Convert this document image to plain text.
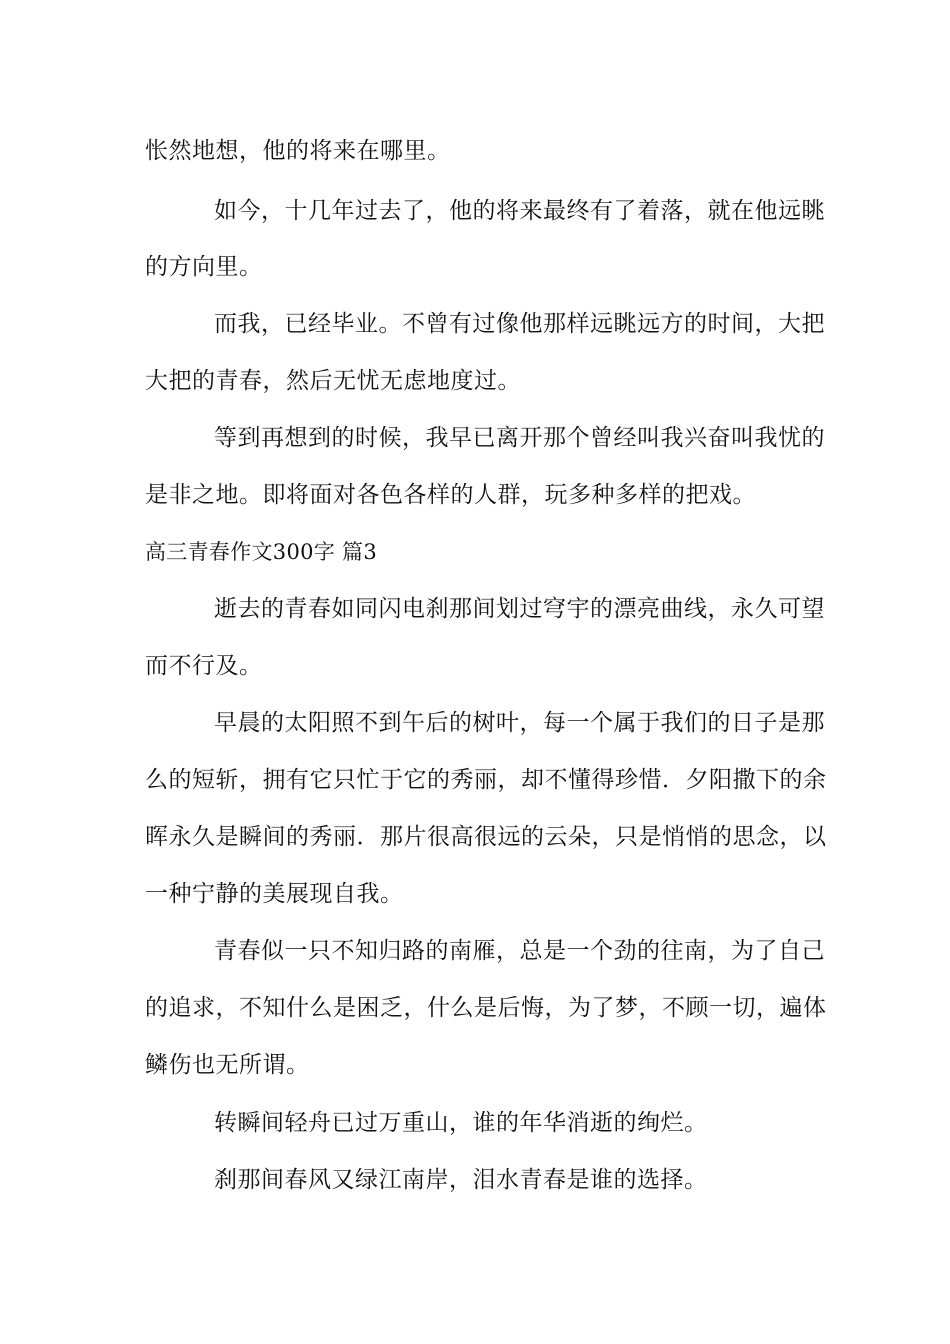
怅然地想，他的将来在哪里。
如今，十几年过去了，他的将来最终有了着落，就在他远眺
的方向里。
而我，已经毕业。不曾有过像他那样远眺远方的时间，大把
大把的青春，然后无忧无虑地度过。
等到再想到的时候，我早已离开那个曾经叫我兴奋叫我忧的
是非之地。即将面对各色各样的人群，玩多种多样的把戏。
高三青春作文300字 篇3
逝去的青春如同闪电刹那间划过穹宇的漂亮曲线，永久可望
而不行及。
早晨的太阳照不到午后的树叶，每一个属于我们的日子是那
么的短斩，拥有它只忙于它的秀丽，却不懂得珍惜．夕阳撒下的余
晖永久是瞬间的秀丽．那片很高很远的云朵，只是悄悄的思念，以
一种宁静的美展现自我。
青春似一只不知归路的南雁，总是一个劲的往南，为了自己
的追求，不知什么是困乏，什么是后悔，为了梦，不顾一切，遍体
鳞伤也无所谓。
转瞬间轻舟已过万重山，谁的年华消逝的绚烂。
刹那间春风又绿江南岸，泪水青春是谁的选择。
